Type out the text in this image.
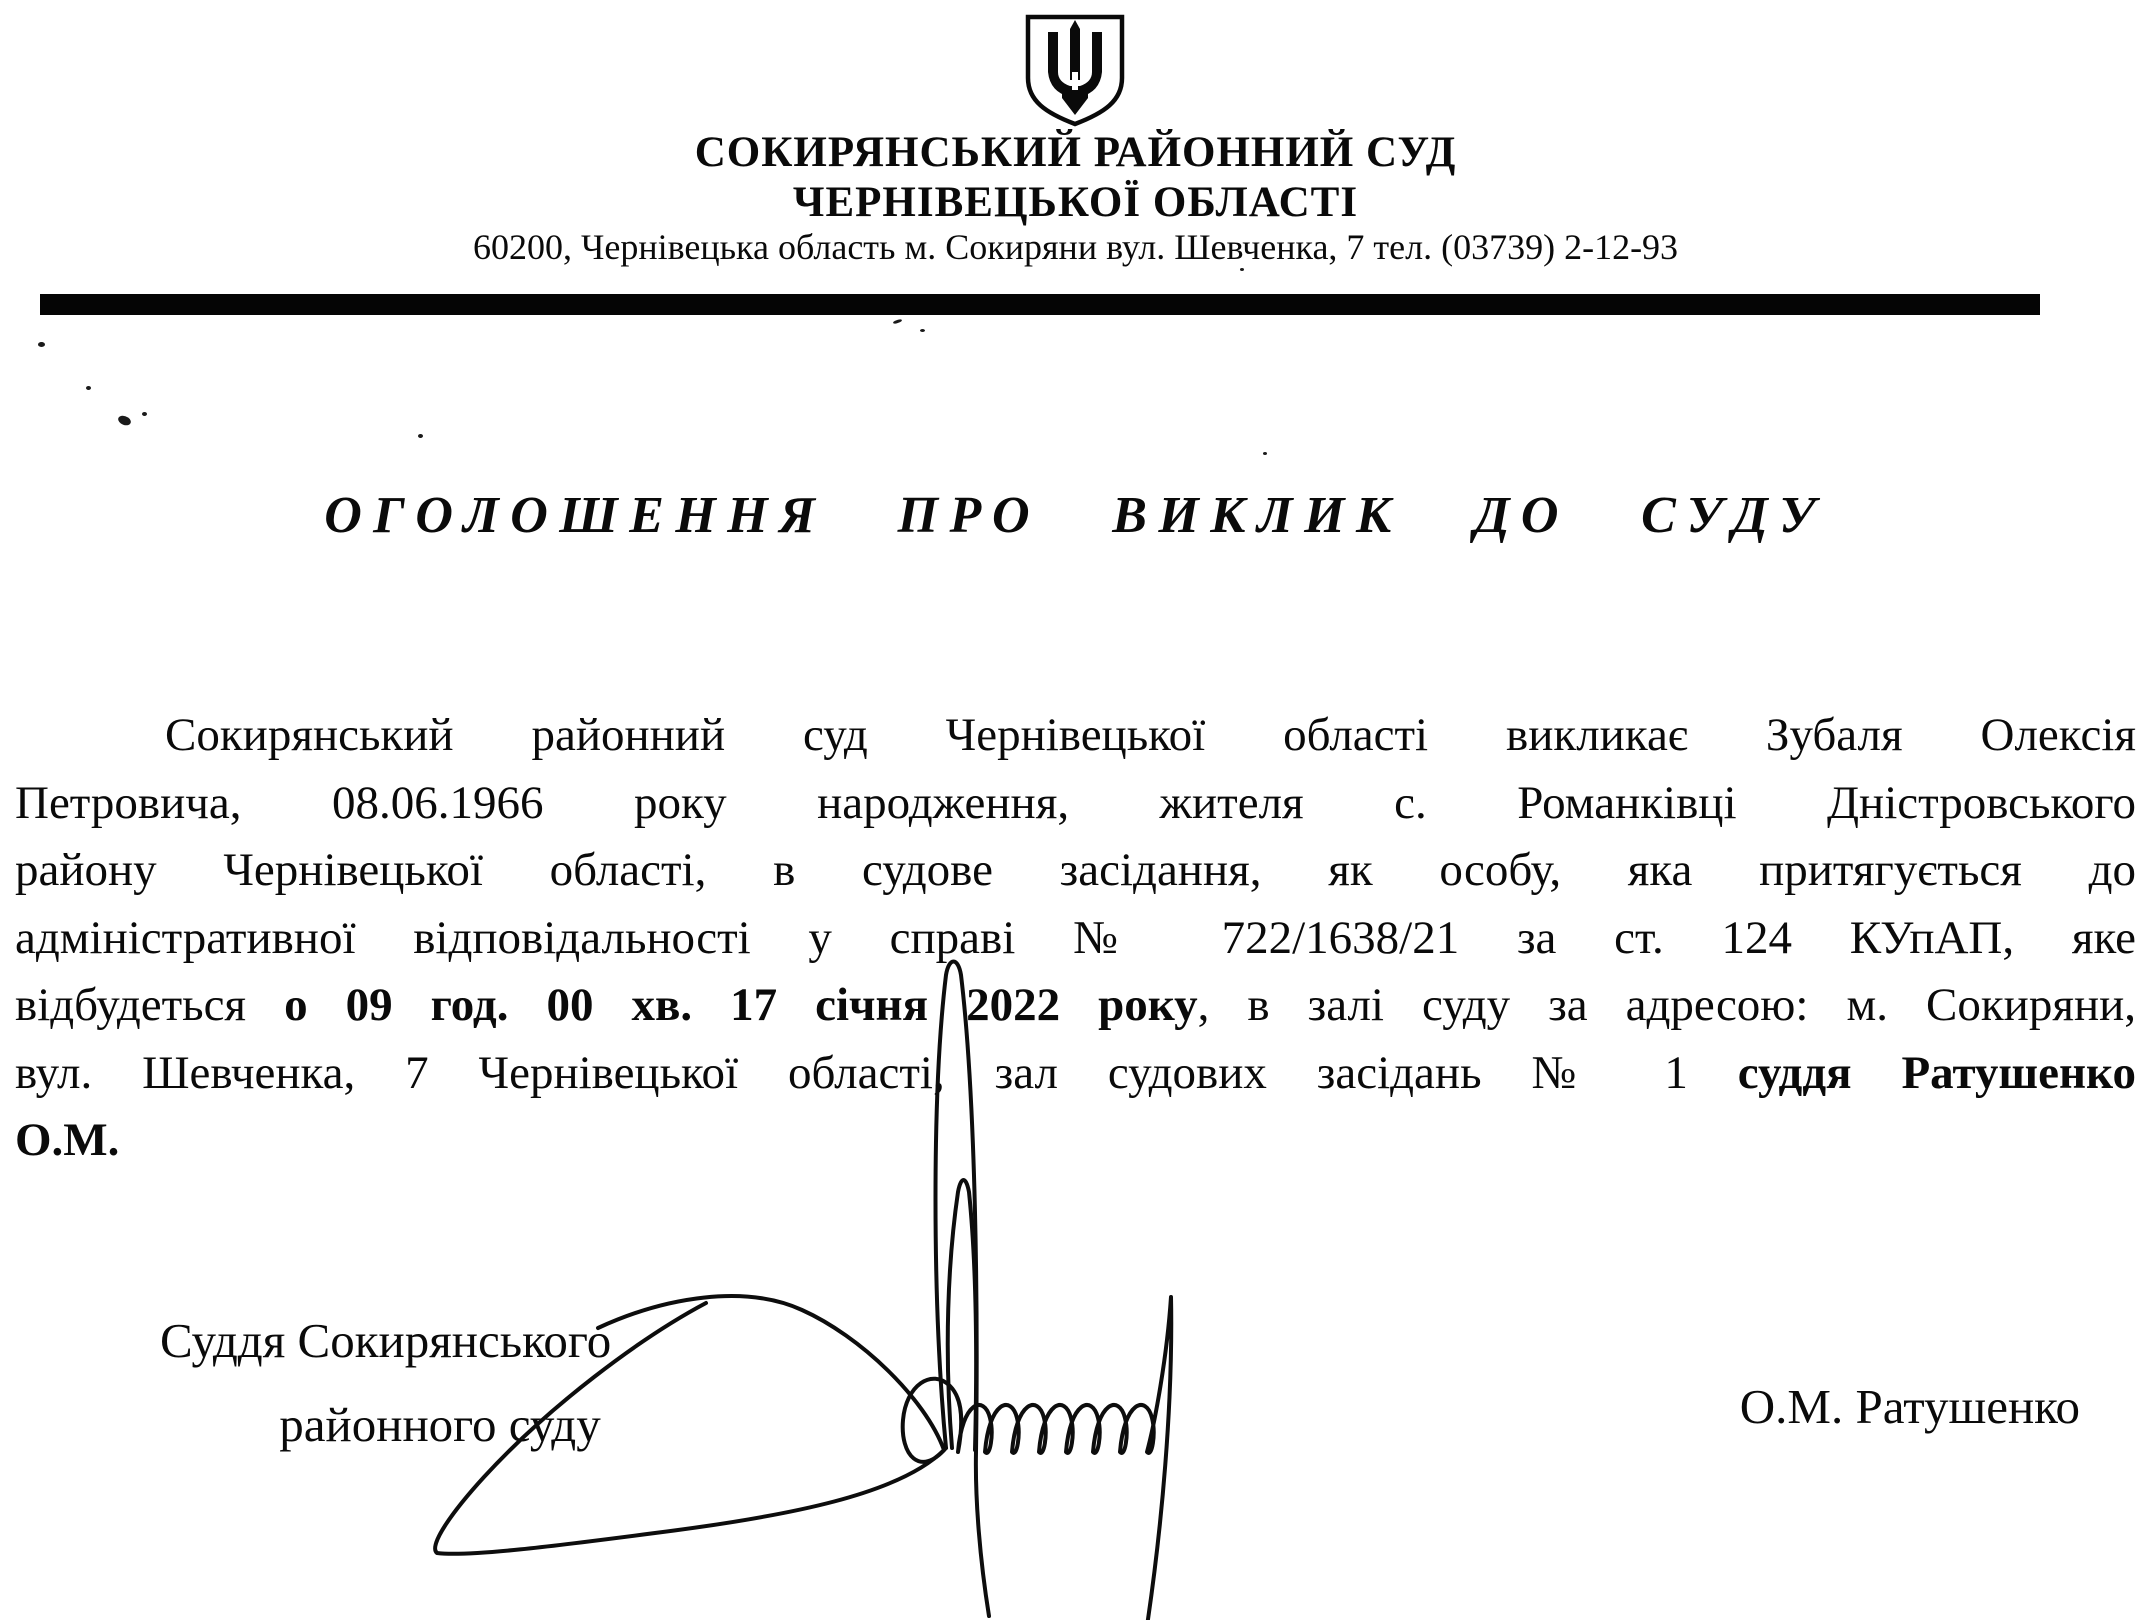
СОКИРЯНСЬКИЙ РАЙОННИЙ СУД
ЧЕРНІВЕЦЬКОЇ ОБЛАСТІ
60200, Чернівецька область м. Сокиряни вул. Шевченка, 7 тел. (03739) 2-12-93
ОГОЛОШЕННЯ ПРО ВИКЛИК ДО СУДУ
Сокирянський районний суд Чернівецької області викликає Зубаля Олексія
Петровича, 08.06.1966 року народження, жителя с. Романківці Дністровського
району Чернівецької області, в судове засідання, як особу, яка притягується до
адміністративної відповідальності у справі № 722/1638/21 за ст. 124 КУпАП, яке
відбудеться о 09 год. 00 хв. 17 січня 2022 року, в залі суду за адресою: м. Сокиряни,
вул. Шевченка, 7 Чернівецької області, зал судових засідань № 1 суддя Ратушенко
О.М.
Суддя Сокирянського
районного суду	О.М. Ратушенко
